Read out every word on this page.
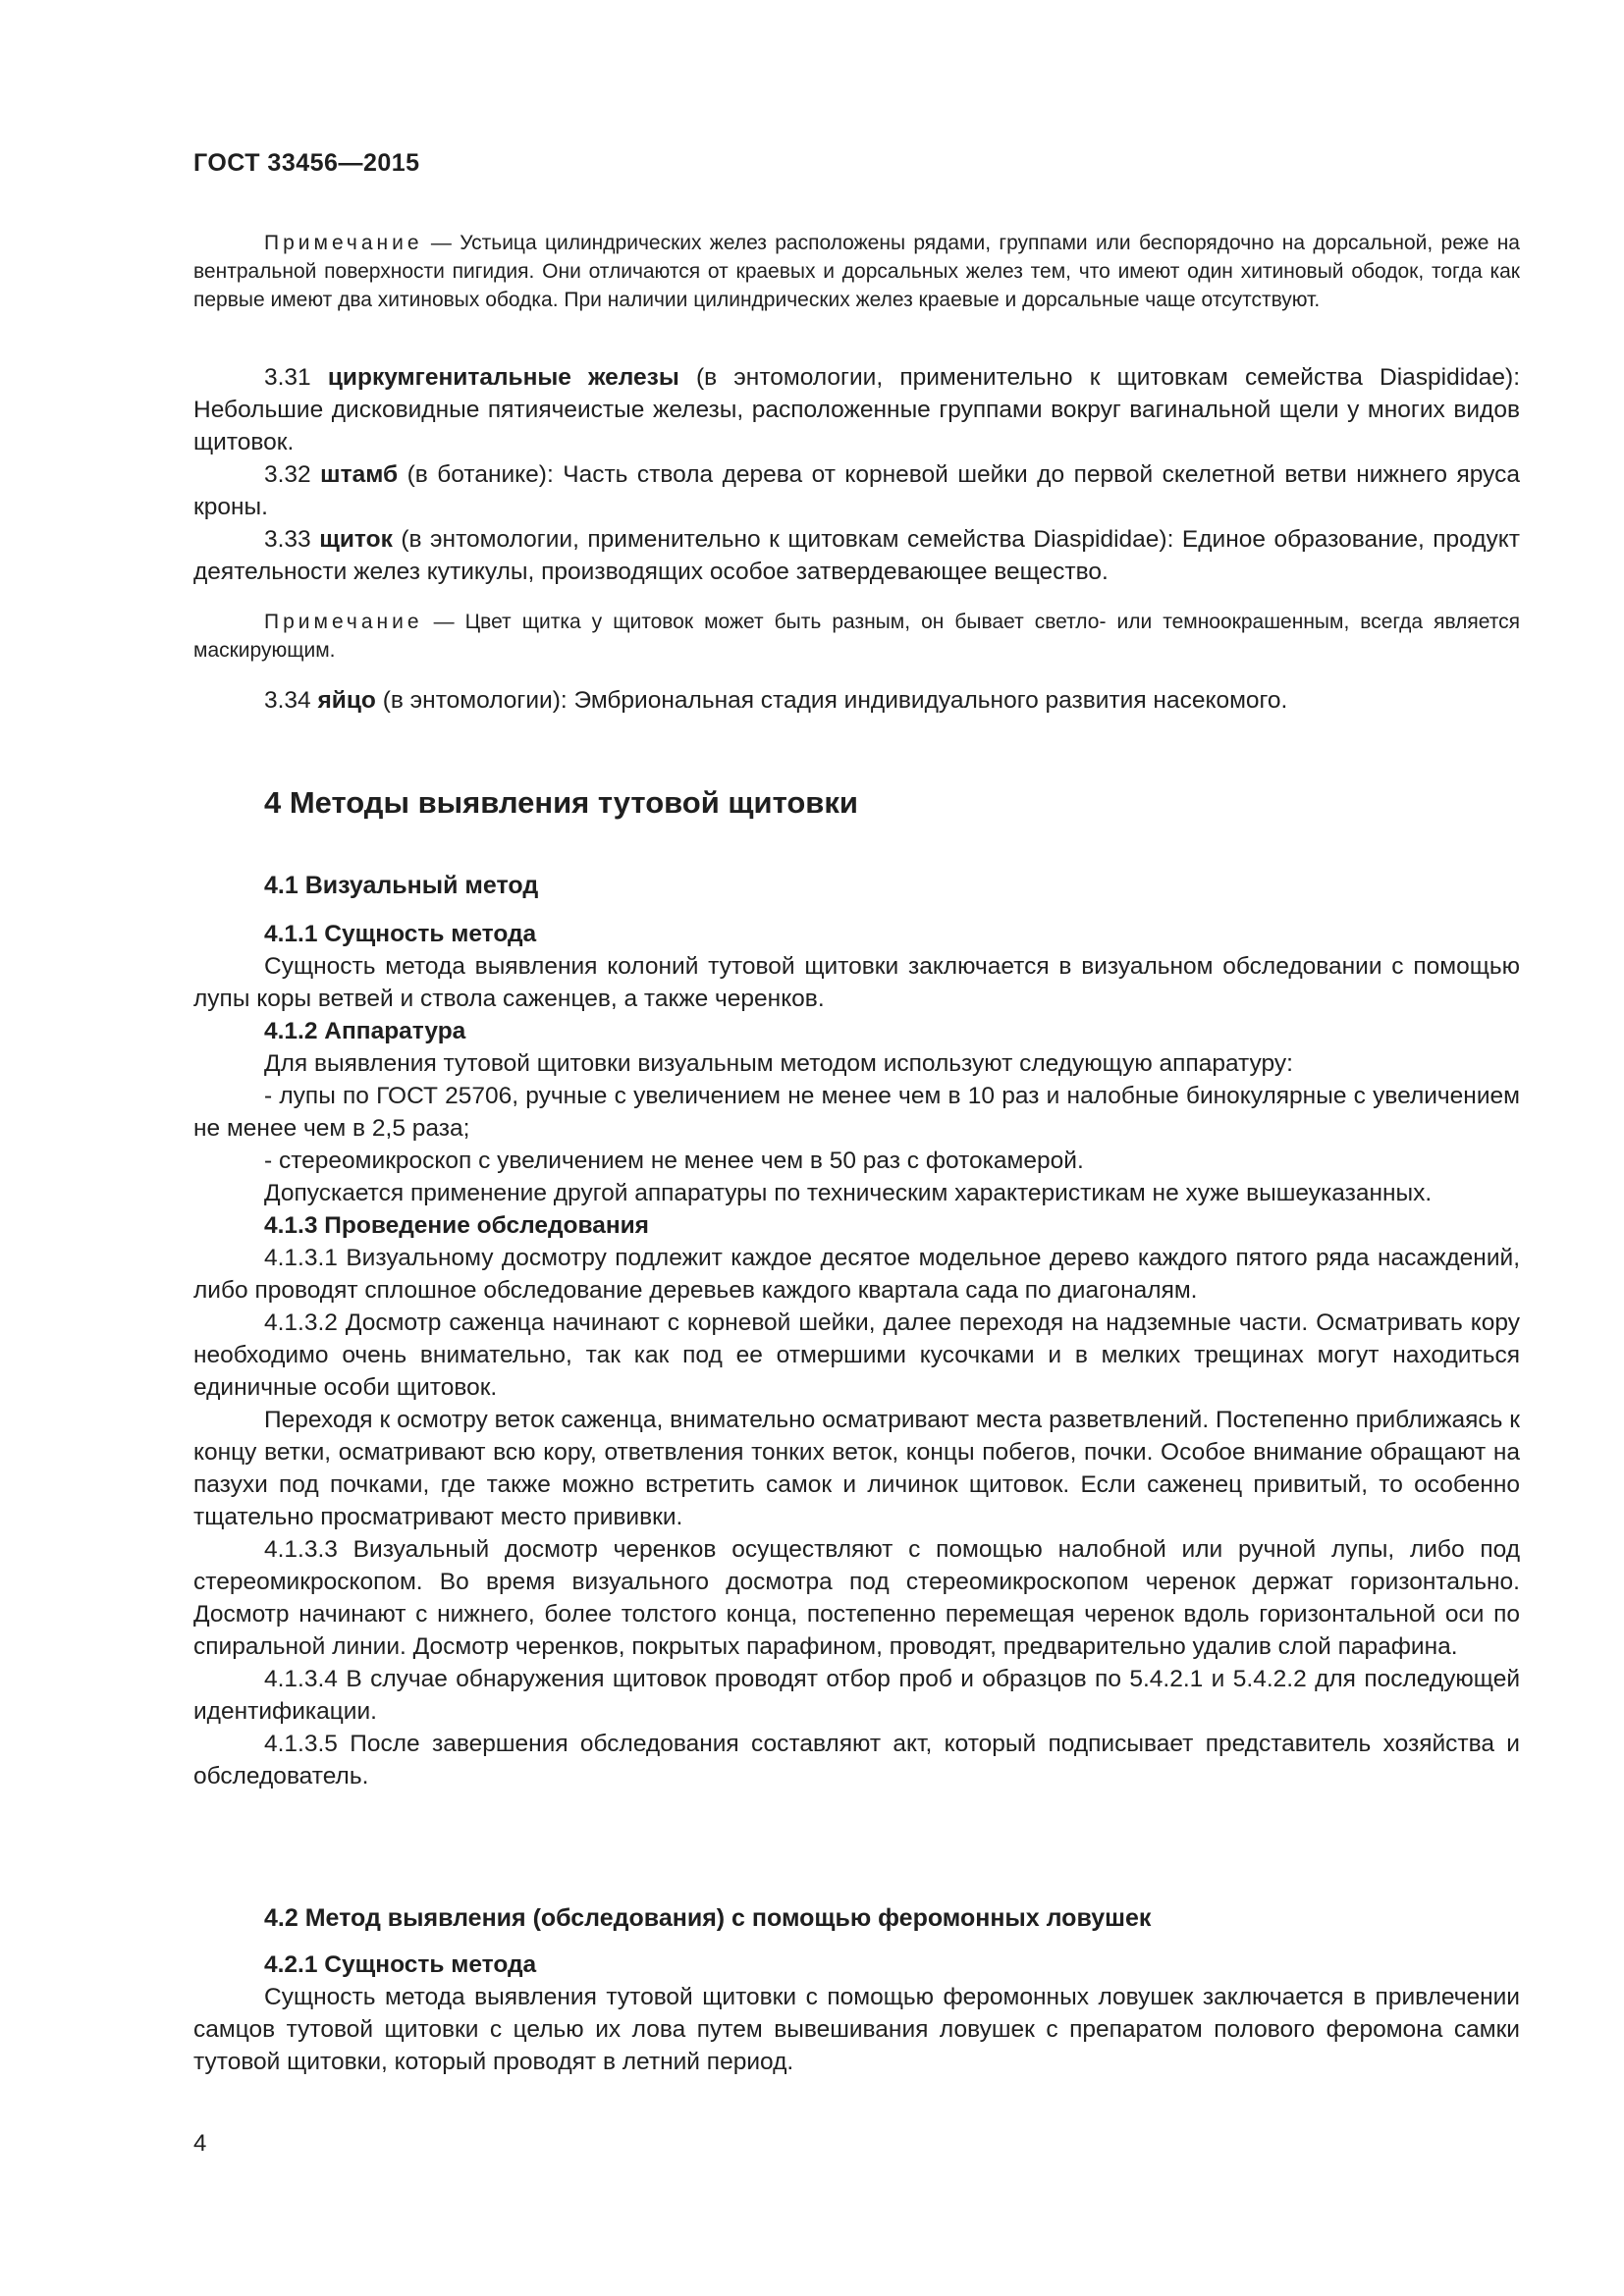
ГОСТ 33456—2015

Примечание — Устьица цилиндрических желез расположены рядами, группами или беспорядочно на дорсальной, реже на вентральной поверхности пигидия. Они отличаются от краевых и дорсальных желез тем, что имеют один хитиновый ободок, тогда как первые имеют два хитиновых ободка. При наличии цилиндрических желез краевые и дорсальные чаще отсутствуют.

3.31 циркумгенитальные железы (в энтомологии, применительно к щитовкам семейства Diaspididae): Небольшие дисковидные пятиячеистые железы, расположенные группами вокруг вагинальной щели у многих видов щитовок.

3.32 штамб (в ботанике): Часть ствола дерева от корневой шейки до первой скелетной ветви нижнего яруса кроны.

3.33 щиток (в энтомологии, применительно к щитовкам семейства Diaspididae): Единое образование, продукт деятельности желез кутикулы, производящих особое затвердевающее вещество.

Примечание — Цвет щитка у щитовок может быть разным, он бывает светло- или темноокрашенным, всегда является маскирующим.

3.34 яйцо (в энтомологии): Эмбриональная стадия индивидуального развития насекомого.

4 Методы выявления тутовой щитовки

4.1 Визуальный метод

4.1.1 Сущность метода

Сущность метода выявления колоний тутовой щитовки заключается в визуальном обследовании с помощью лупы коры ветвей и ствола саженцев, а также черенков.

4.1.2 Аппаратура

Для выявления тутовой щитовки визуальным методом используют следующую аппаратуру:

- лупы по ГОСТ 25706, ручные с увеличением не менее чем в 10 раз и налобные бинокулярные с увеличением не менее чем в 2,5 раза;

- стереомикроскоп с увеличением не менее чем в 50 раз с фотокамерой.

Допускается применение другой аппаратуры по техническим характеристикам не хуже вышеуказанных.

4.1.3 Проведение обследования

4.1.3.1 Визуальному досмотру подлежит каждое десятое модельное дерево каждого пятого ряда насаждений, либо проводят сплошное обследование деревьев каждого квартала сада по диагоналям.

4.1.3.2 Досмотр саженца начинают с корневой шейки, далее переходя на надземные части. Осматривать кору необходимо очень внимательно, так как под ее отмершими кусочками и в мелких трещинах могут находиться единичные особи щитовок.

Переходя к осмотру веток саженца, внимательно осматривают места разветвлений. Постепенно приближаясь к концу ветки, осматривают всю кору, ответвления тонких веток, концы побегов, почки. Особое внимание обращают на пазухи под почками, где также можно встретить самок и личинок щитовок. Если саженец привитый, то особенно тщательно просматривают место прививки.

4.1.3.3 Визуальный досмотр черенков осуществляют с помощью налобной или ручной лупы, либо под стереомикроскопом. Во время визуального досмотра под стереомикроскопом черенок держат горизонтально. Досмотр начинают с нижнего, более толстого конца, постепенно перемещая черенок вдоль горизонтальной оси по спиральной линии. Досмотр черенков, покрытых парафином, проводят, предварительно удалив слой парафина.

4.1.3.4 В случае обнаружения щитовок проводят отбор проб и образцов по 5.4.2.1 и 5.4.2.2 для последующей идентификации.

4.1.3.5 После завершения обследования составляют акт, который подписывает представитель хозяйства и обследователь.

4.2 Метод выявления (обследования) с помощью феромонных ловушек

4.2.1 Сущность метода

Сущность метода выявления тутовой щитовки с помощью феромонных ловушек заключается в привлечении самцов тутовой щитовки с целью их лова путем вывешивания ловушек с препаратом полового феромона самки тутовой щитовки, который проводят в летний период.

4
